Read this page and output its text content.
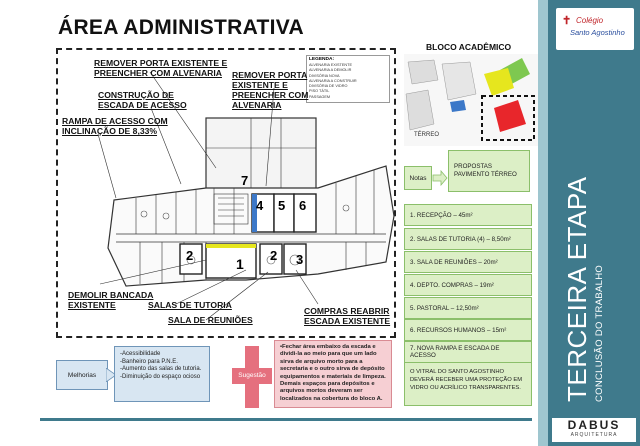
ÁREA ADMINISTRATIVA
LEGENDA:
ALVENARIA EXISTENTE
ALVENARIA A DEMOLIR
DIVISÓRIA NOVA
ALVENARIA A CONSTRUIR
DIVISÓRIA DE VIDRO
PISO TÁTIL
PASSAGEM
REMOVER PORTA EXISTENTE E
PREENCHER COM ALVENARIA
CONSTRUÇÃO DE
ESCADA DE ACESSO
RAMPA DE ACESSO COM
INCLINAÇÃO DE 8,33%
REMOVER PORTA
EXISTENTE E
PREENCHER COM
ALVENARIA
DEMOLIR BANCADA
EXISTENTE	SALAS DE TUTORIA
SALA DE REUNIÕES
COMPRAS REABRIR
ESCADA EXISTENTE
7
4 5 6
2
1
2 3
BLOCO ACADÊMICO
TÉRREO
Notas
PROPOSTAS
PAVIMENTO TÉRREO
1. RECEPÇÃO – 45m²
2. SALAS DE TUTORIA (4) – 8,50m²
3. SALA DE REUNIÕES – 20m²
4. DEPTO. COMPRAS – 19m²
5. PASTORAL – 12,50m²
6. RECURSOS HUMANOS – 15m²
7. NOVA RAMPA E ESCADA DE ACESSO
O VITRAL DO SANTO AGOSTINHO DEVERÁ RECEBER UMA PROTEÇÃO EM VIDRO OU ACRÍLICO TRANSPARENTES.
Melhorias
-Acessibilidade
-Banheiro para P.N.E.
-Aumento das salas de tutoria.
-Diminuição do espaço ocioso	Sugestão
•Fechar área embaixo da escada e dividi-la ao meio para que um lado sirva de arquivo morto para a secretaria e o outro sirva de depósito equipamentos e materiais de limpeza. Demais espaços para depósitos e arquivos mortos deveram ser localizados na cobertura do bloco A.
✝ Colégio
Santo Agostinho
TERCEIRA ETAPA CONCLUSÃO DO TRABALHO
DABUS
ARQUITETURA
